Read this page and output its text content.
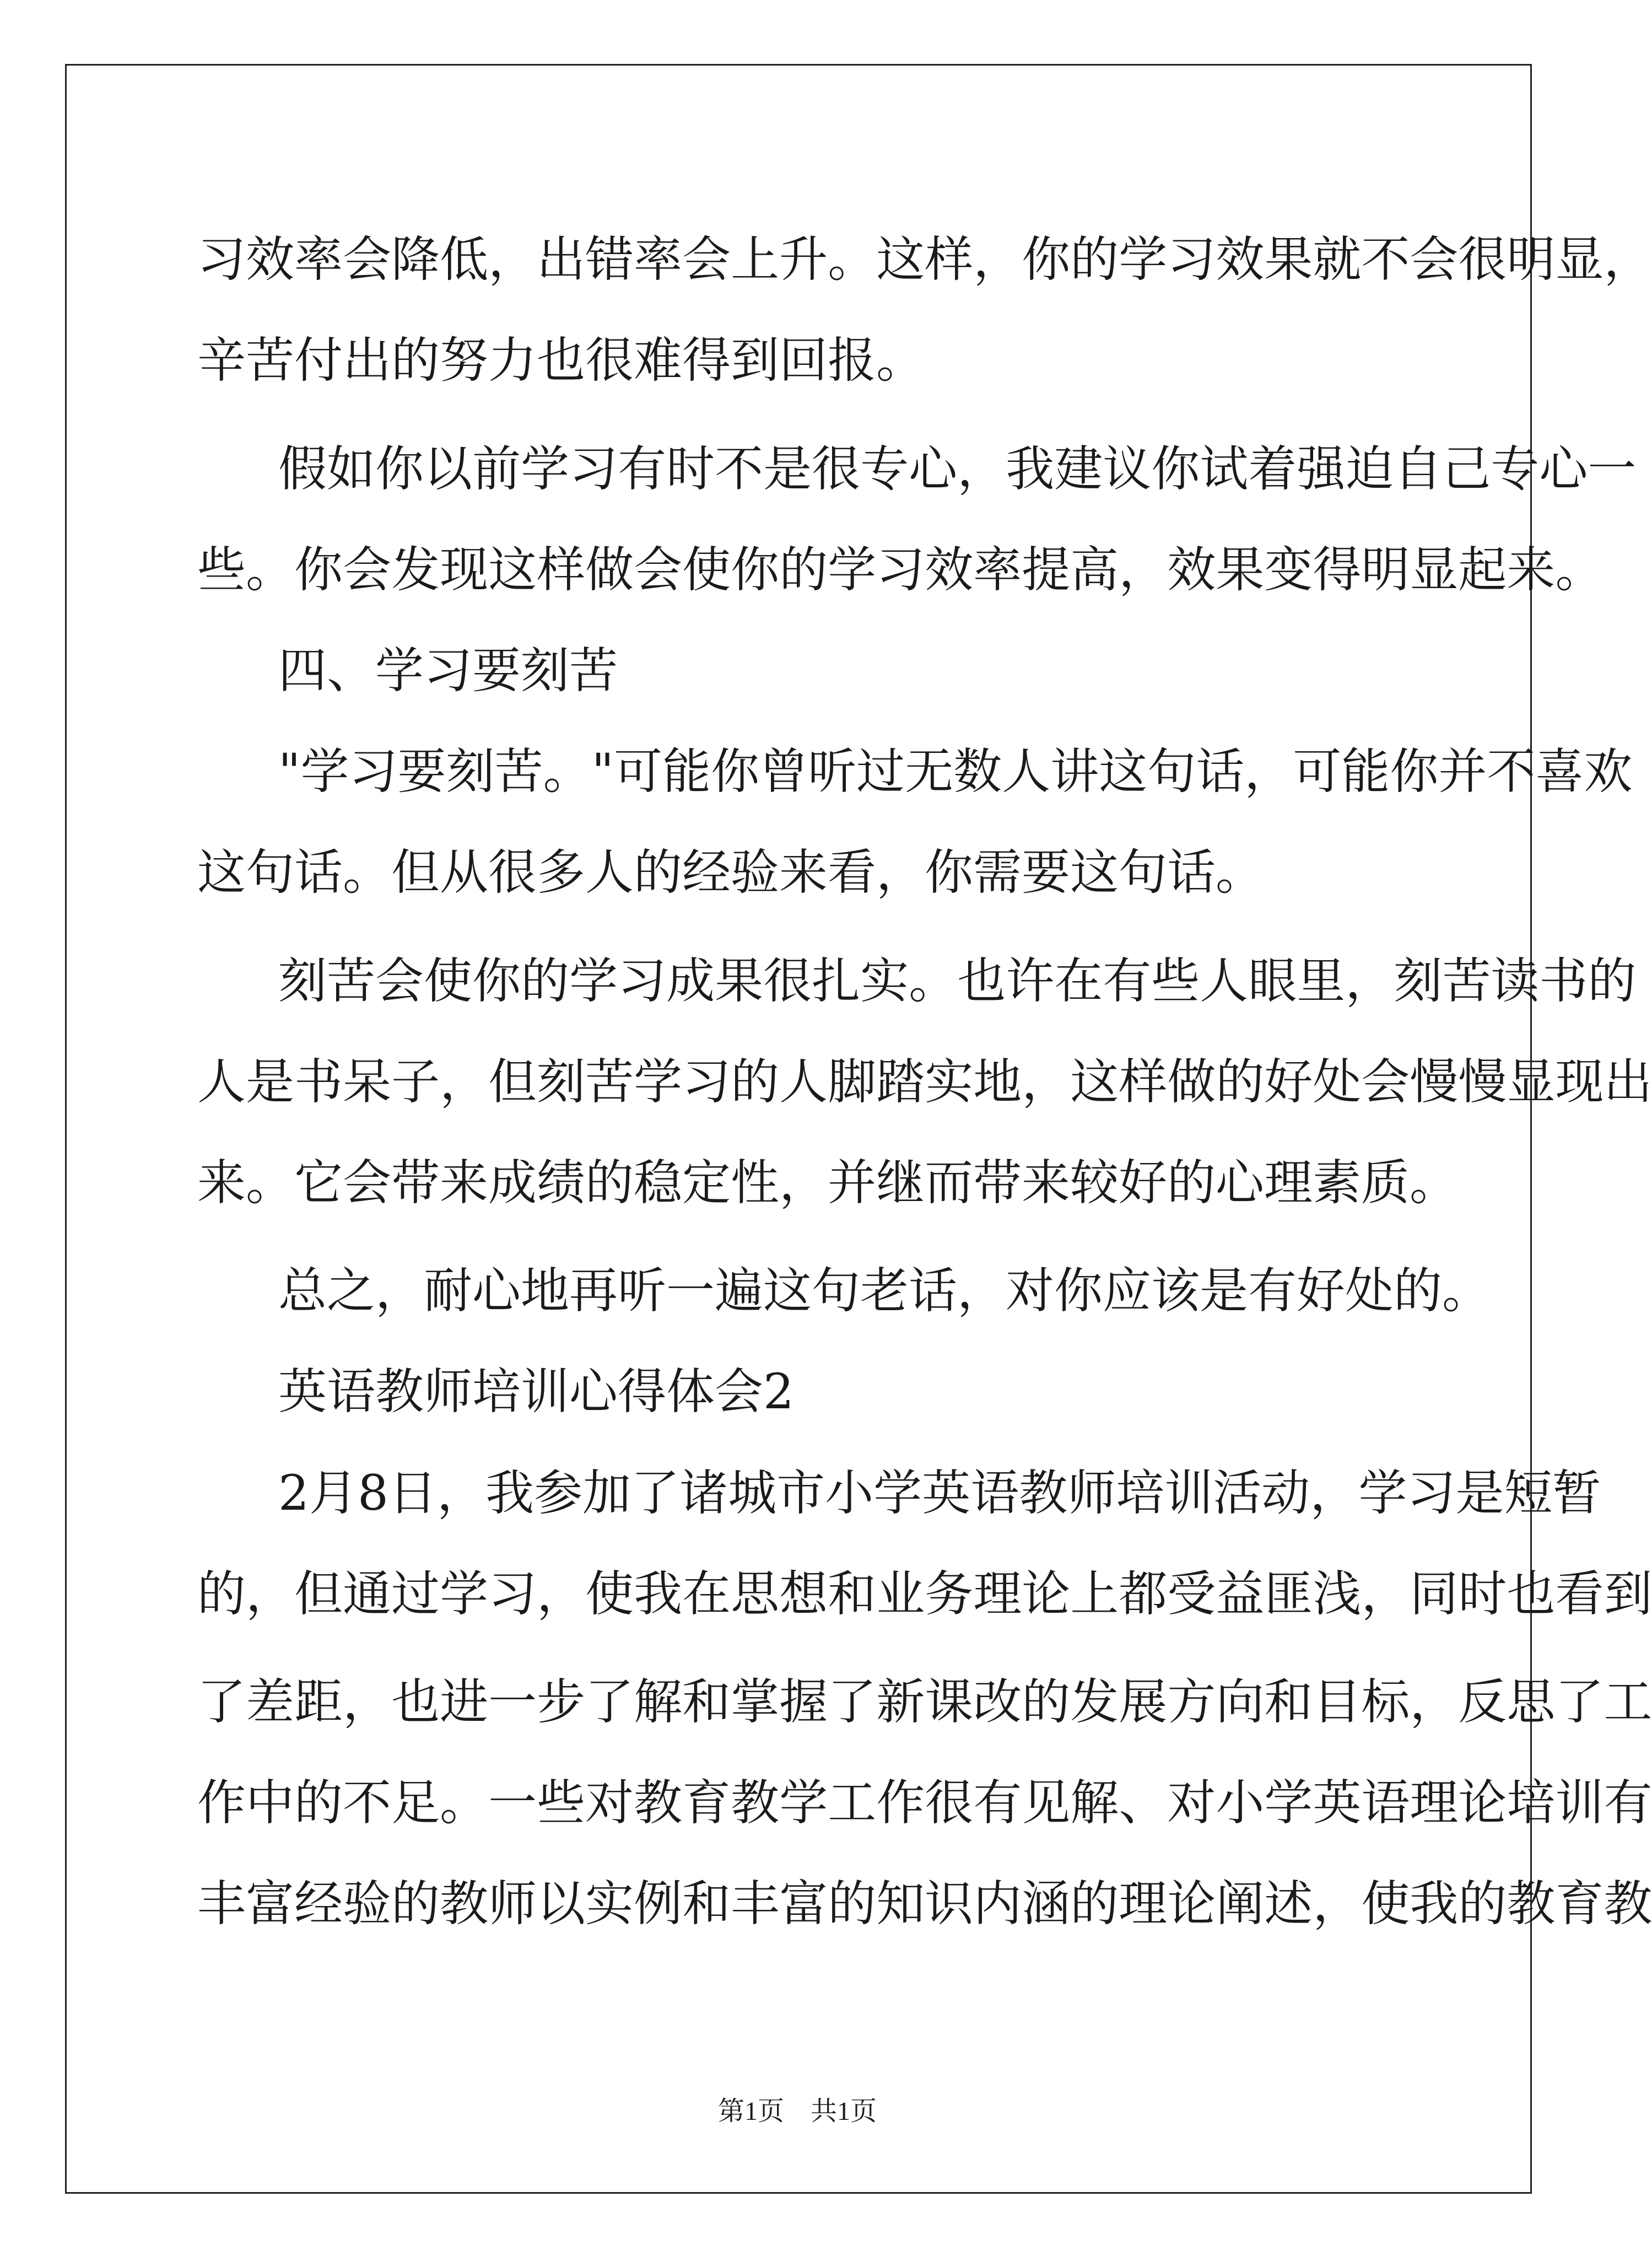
习 效 率 会 降 低 ， 出 错 率 会 上 升 。 这 样 ， 你 的 学 习 效 果 就 不 会 很 明 显 ，
辛苦付出的努力也很难得到回报。
假 如 你 以 前 学 习 有 时 不 是 很 专 心 ， 我 建 议 你 试 着 强 迫 自 己 专 心 一
些 。 你 会 发 现 这 样 做 会 使 你 的 学 习 效 率 提 高 ， 效 果 变 得 明 显 起 来 。
四、学习要刻苦
" 学 习 要 刻 苦 。 " 可 能 你 曾 听 过 无 数 人 讲 这 句 话 ， 可 能 你 并 不 喜 欢
这句话。但从很多人的经验来看，你需要这句话。
刻 苦 会 使 你 的 学 习 成 果 很 扎 实 。 也 许 在 有 些 人 眼 里 ， 刻 苦 读 书 的
人 是 书 呆 子 ， 但 刻 苦 学 习 的 人 脚 踏 实 地 ， 这 样 做 的 好 处 会 慢 慢 显 现 出
来。它会带来成绩的稳定性，并继而带来较好的心理素质。
总之，耐心地再听一遍这句老话，对你应该是有好处的。
英语教师培训心得体会2
2 月 8 日 ， 我 参 加 了 诸 城 市 小 学 英 语 教 师 培 训 活 动 ， 学 习 是 短 暂
的 ， 但 通 过 学 习 ， 使 我 在 思 想 和 业 务 理 论 上 都 受 益 匪 浅 ， 同 时 也 看 到
了 差 距 ， 也 进 一 步 了 解 和 掌 握 了 新 课 改 的 发 展 方 向 和 目 标 ， 反 思 了 工
作 中 的 不 足 。 一 些 对 教 育 教 学 工 作 很 有 见 解 、 对 小 学 英 语 理 论 培 训 有
丰 富 经 验 的 教 师 以 实 例 和 丰 富 的 知 识 内 涵 的 理 论 阐 述 ， 使 我 的 教 育 教
第1页　共1页
